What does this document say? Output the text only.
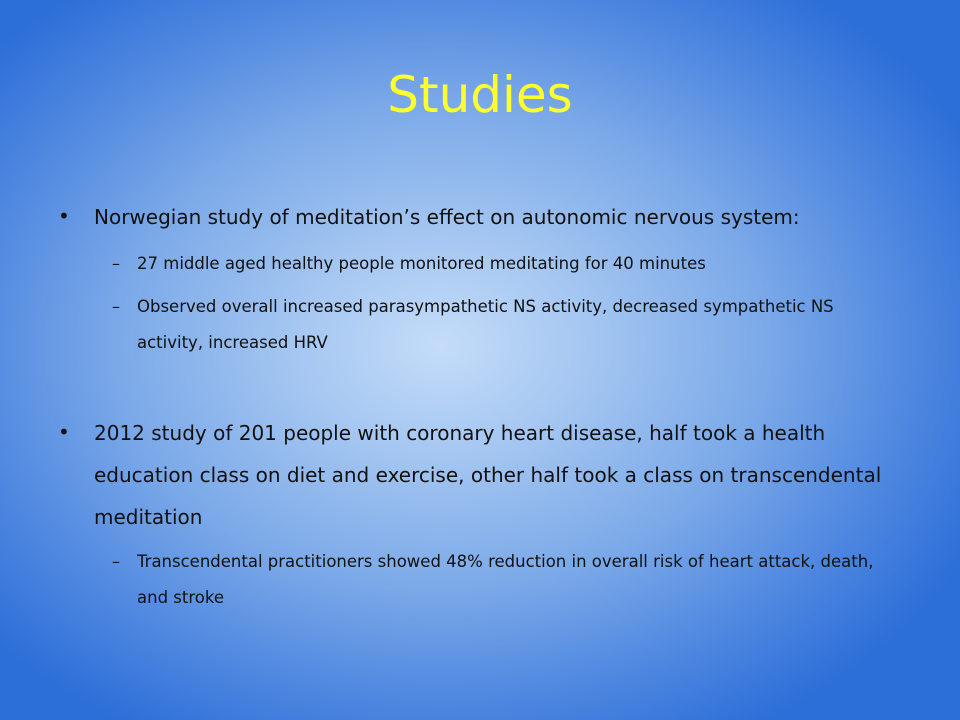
Studies
• Norwegian study of meditation’s effect on autonomic nervous system:
– 27 middle aged healthy people monitored meditating for 40 minutes
– Observed overall increased parasympathetic NS activity, decreased sympathetic NS activity, increased HRV
• 2012 study of 201 people with coronary heart disease, half took a health education class on diet and exercise, other half took a class on transcendental meditation
– Transcendental practitioners showed 48% reduction in overall risk of heart attack, death, and stroke
